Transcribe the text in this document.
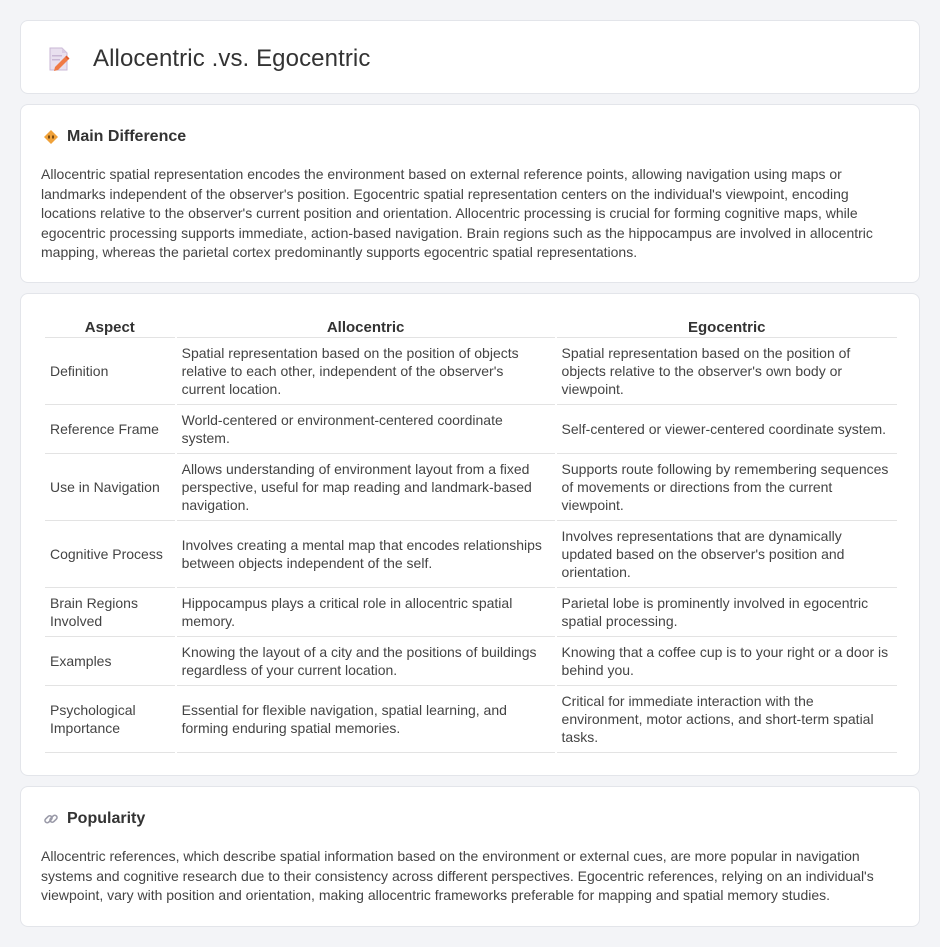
Allocentric .vs. Egocentric
Main Difference

Allocentric spatial representation encodes the environment based on external reference points, allowing navigation using maps or landmarks independent of the observer's position. Egocentric spatial representation centers on the individual's viewpoint, encoding locations relative to the observer's current position and orientation. Allocentric processing is crucial for forming cognitive maps, while egocentric processing supports immediate, action-based navigation. Brain regions such as the hippocampus are involved in allocentric mapping, whereas the parietal cortex predominantly supports egocentric spatial representations.

Aspect	Allocentric	Egocentric
Definition	Spatial representation based on the position of objects relative to each other, independent of the observer's current location.	Spatial representation based on the position of objects relative to the observer's own body or viewpoint.
Reference Frame	World-centered or environment-centered coordinate system.	Self-centered or viewer-centered coordinate system.
Use in Navigation	Allows understanding of environment layout from a fixed perspective, useful for map reading and landmark-based navigation.	Supports route following by remembering sequences of movements or directions from the current viewpoint.
Cognitive Process	Involves creating a mental map that encodes relationships between objects independent of the self.	Involves representations that are dynamically updated based on the observer's position and orientation.
Brain Regions Involved	Hippocampus plays a critical role in allocentric spatial memory.	Parietal lobe is prominently involved in egocentric spatial processing.
Examples	Knowing the layout of a city and the positions of buildings regardless of your current location.	Knowing that a coffee cup is to your right or a door is behind you.
Psychological Importance	Essential for flexible navigation, spatial learning, and forming enduring spatial memories.	Critical for immediate interaction with the environment, motor actions, and short-term spatial tasks.
Popularity

Allocentric references, which describe spatial information based on the environment or external cues, are more popular in navigation systems and cognitive research due to their consistency across different perspectives. Egocentric references, relying on an individual's viewpoint, vary with position and orientation, making allocentric frameworks preferable for mapping and spatial memory studies.
